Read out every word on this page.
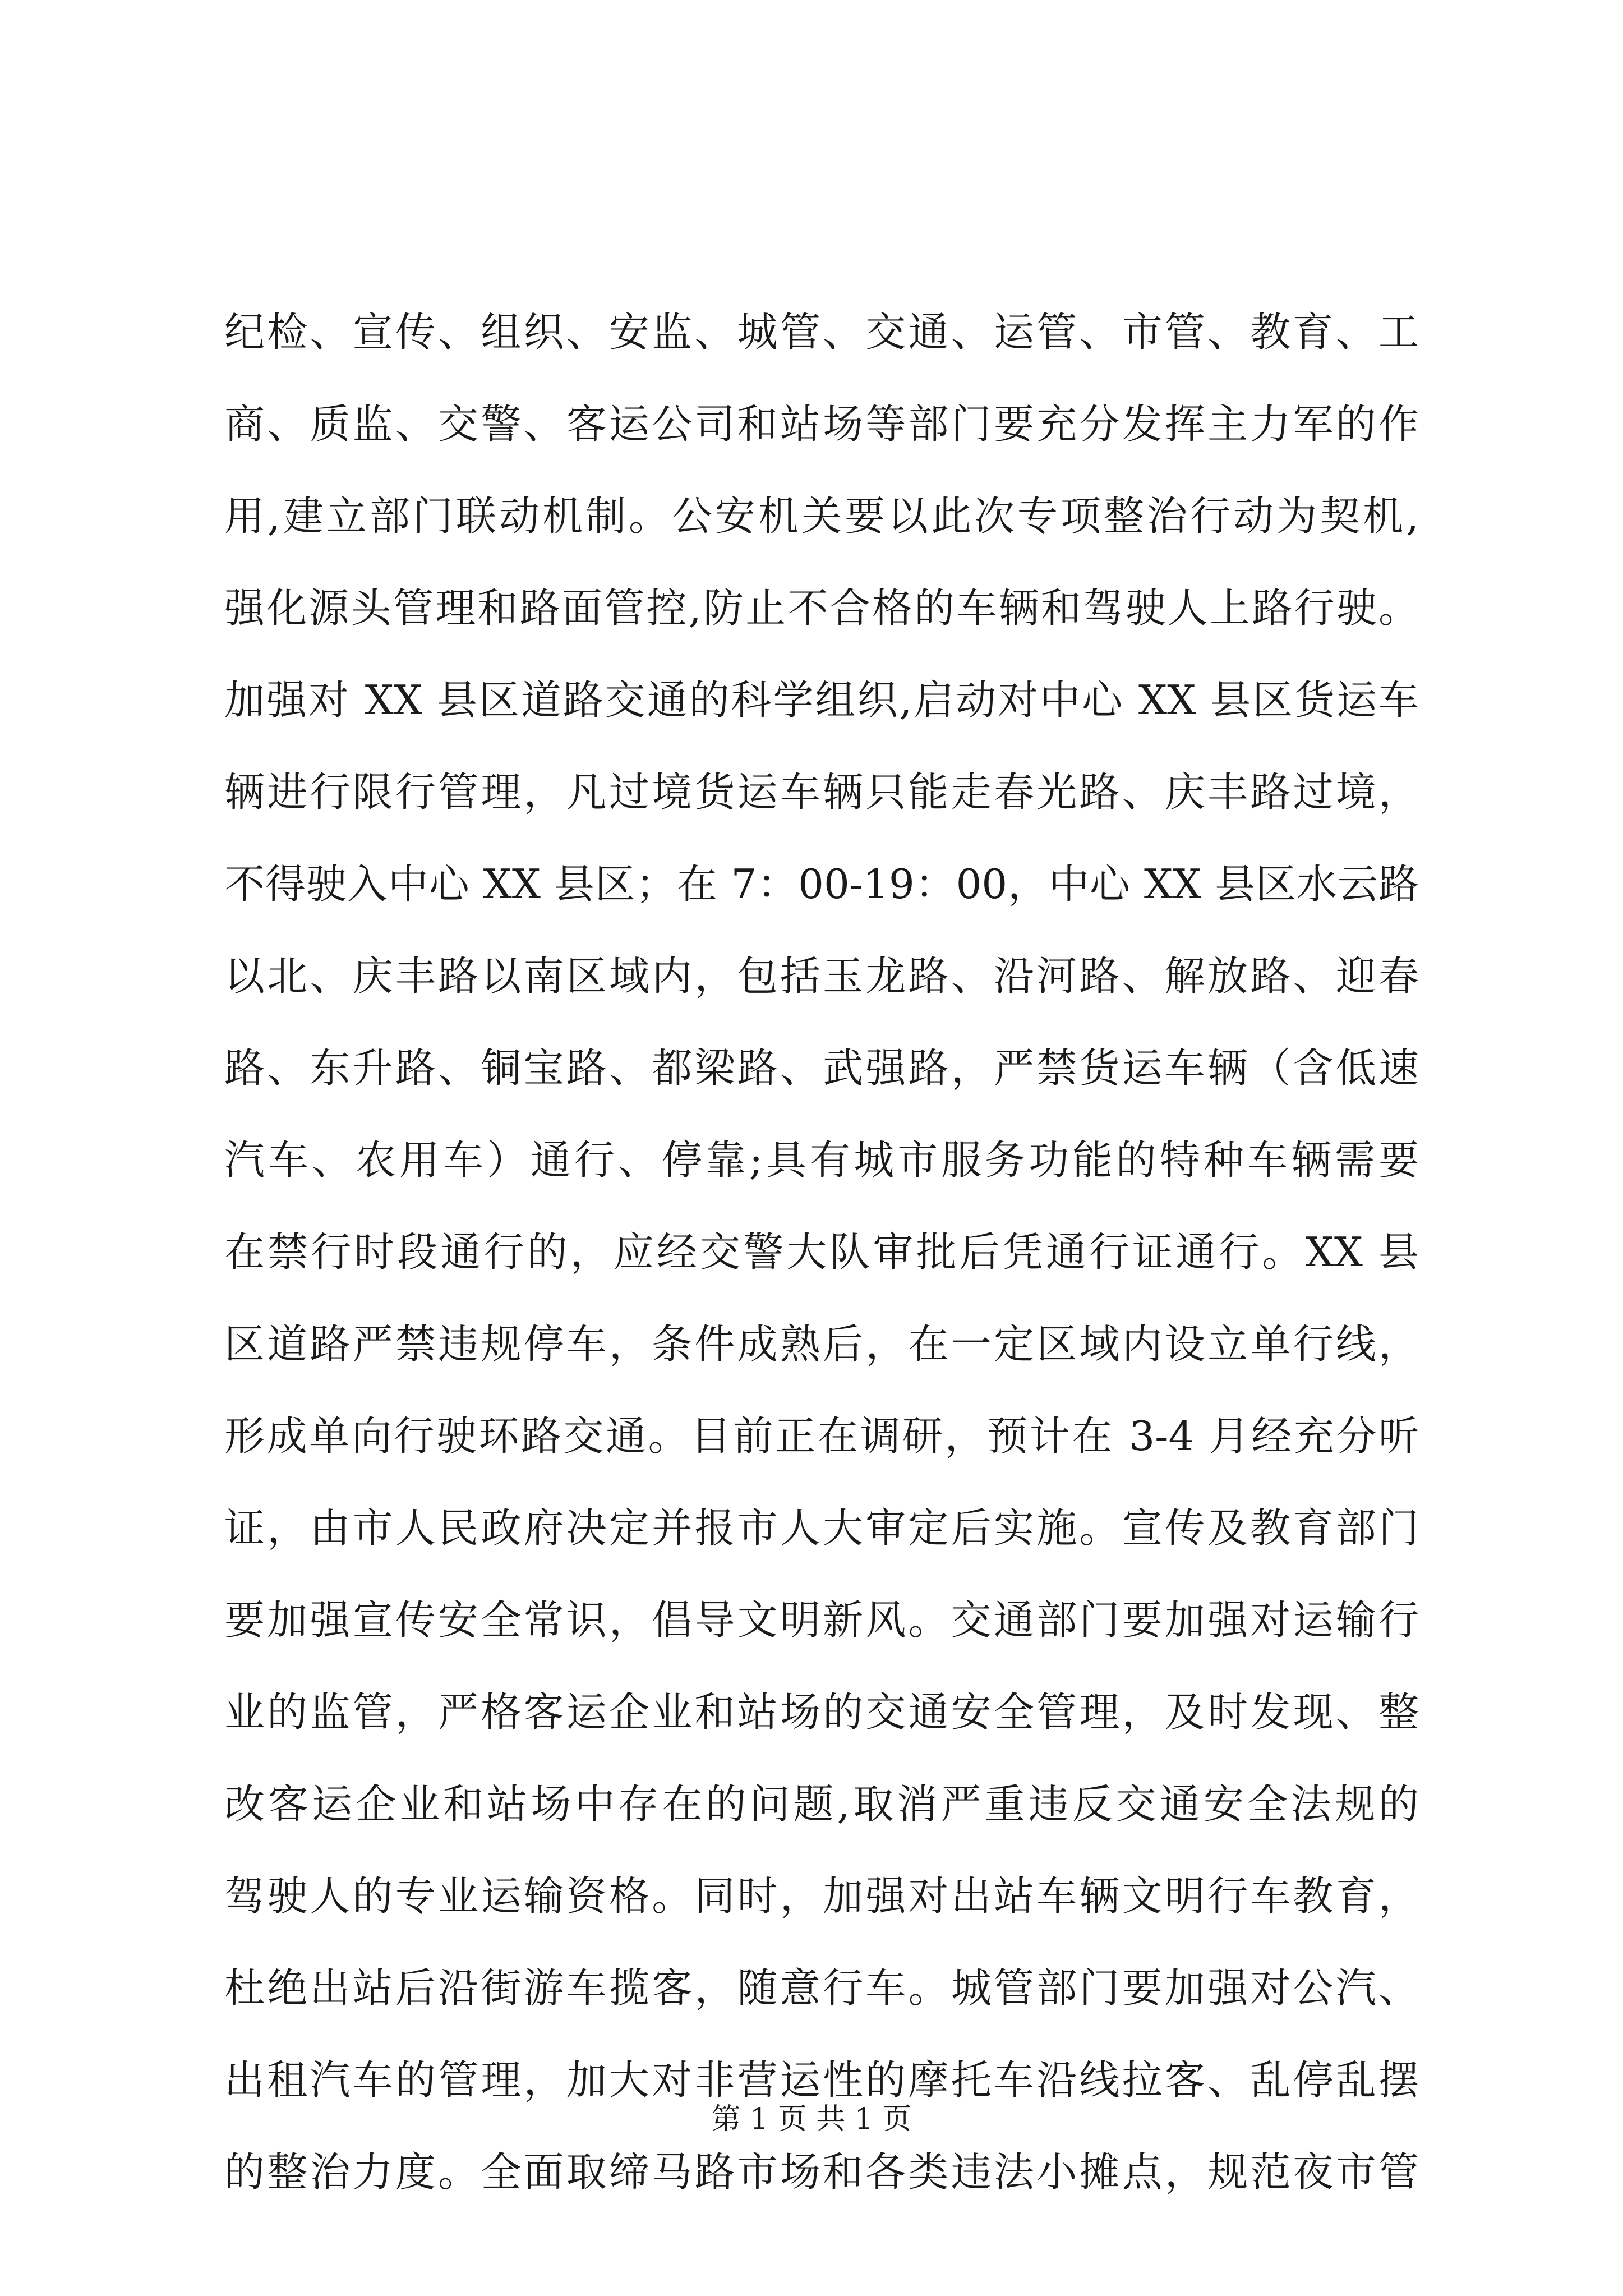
纪检、宣传、组织、安监、城管、交通、运管、市管、教育、工
商、质监、交警、客运公司和站场等部门要充分发挥主力军的作
用,建立部门联动机制。公安机关要以此次专项整治行动为契机,
强化源头管理和路面管控,防止不合格的车辆和驾驶人上路行驶。
加强对 XX 县区道路交通的科学组织,启动对中心 XX 县区货运车
辆进行限行管理，凡过境货运车辆只能走春光路、庆丰路过境，
不得驶入中心 XX 县区；在 7：00-19：00，中心 XX 县区水云路
以北、庆丰路以南区域内，包括玉龙路、沿河路、解放路、迎春
路、东升路、铜宝路、都梁路、武强路，严禁货运车辆（含低速
汽车、农用车）通行、停靠;具有城市服务功能的特种车辆需要
在禁行时段通行的，应经交警大队审批后凭通行证通行。XX 县
区道路严禁违规停车，条件成熟后，在一定区域内设立单行线，
形成单向行驶环路交通。目前正在调研，预计在 3-4 月经充分听
证，由市人民政府决定并报市人大审定后实施。宣传及教育部门
要加强宣传安全常识，倡导文明新风。交通部门要加强对运输行
业的监管，严格客运企业和站场的交通安全管理，及时发现、整
改客运企业和站场中存在的问题,取消严重违反交通安全法规的
驾驶人的专业运输资格。同时，加强对出站车辆文明行车教育，
杜绝出站后沿街游车揽客，随意行车。城管部门要加强对公汽、
出租汽车的管理，加大对非营运性的摩托车沿线拉客、乱停乱摆
的整治力度。全面取缔马路市场和各类违法小摊点，规范夜市管
第 1 页 共 1 页
